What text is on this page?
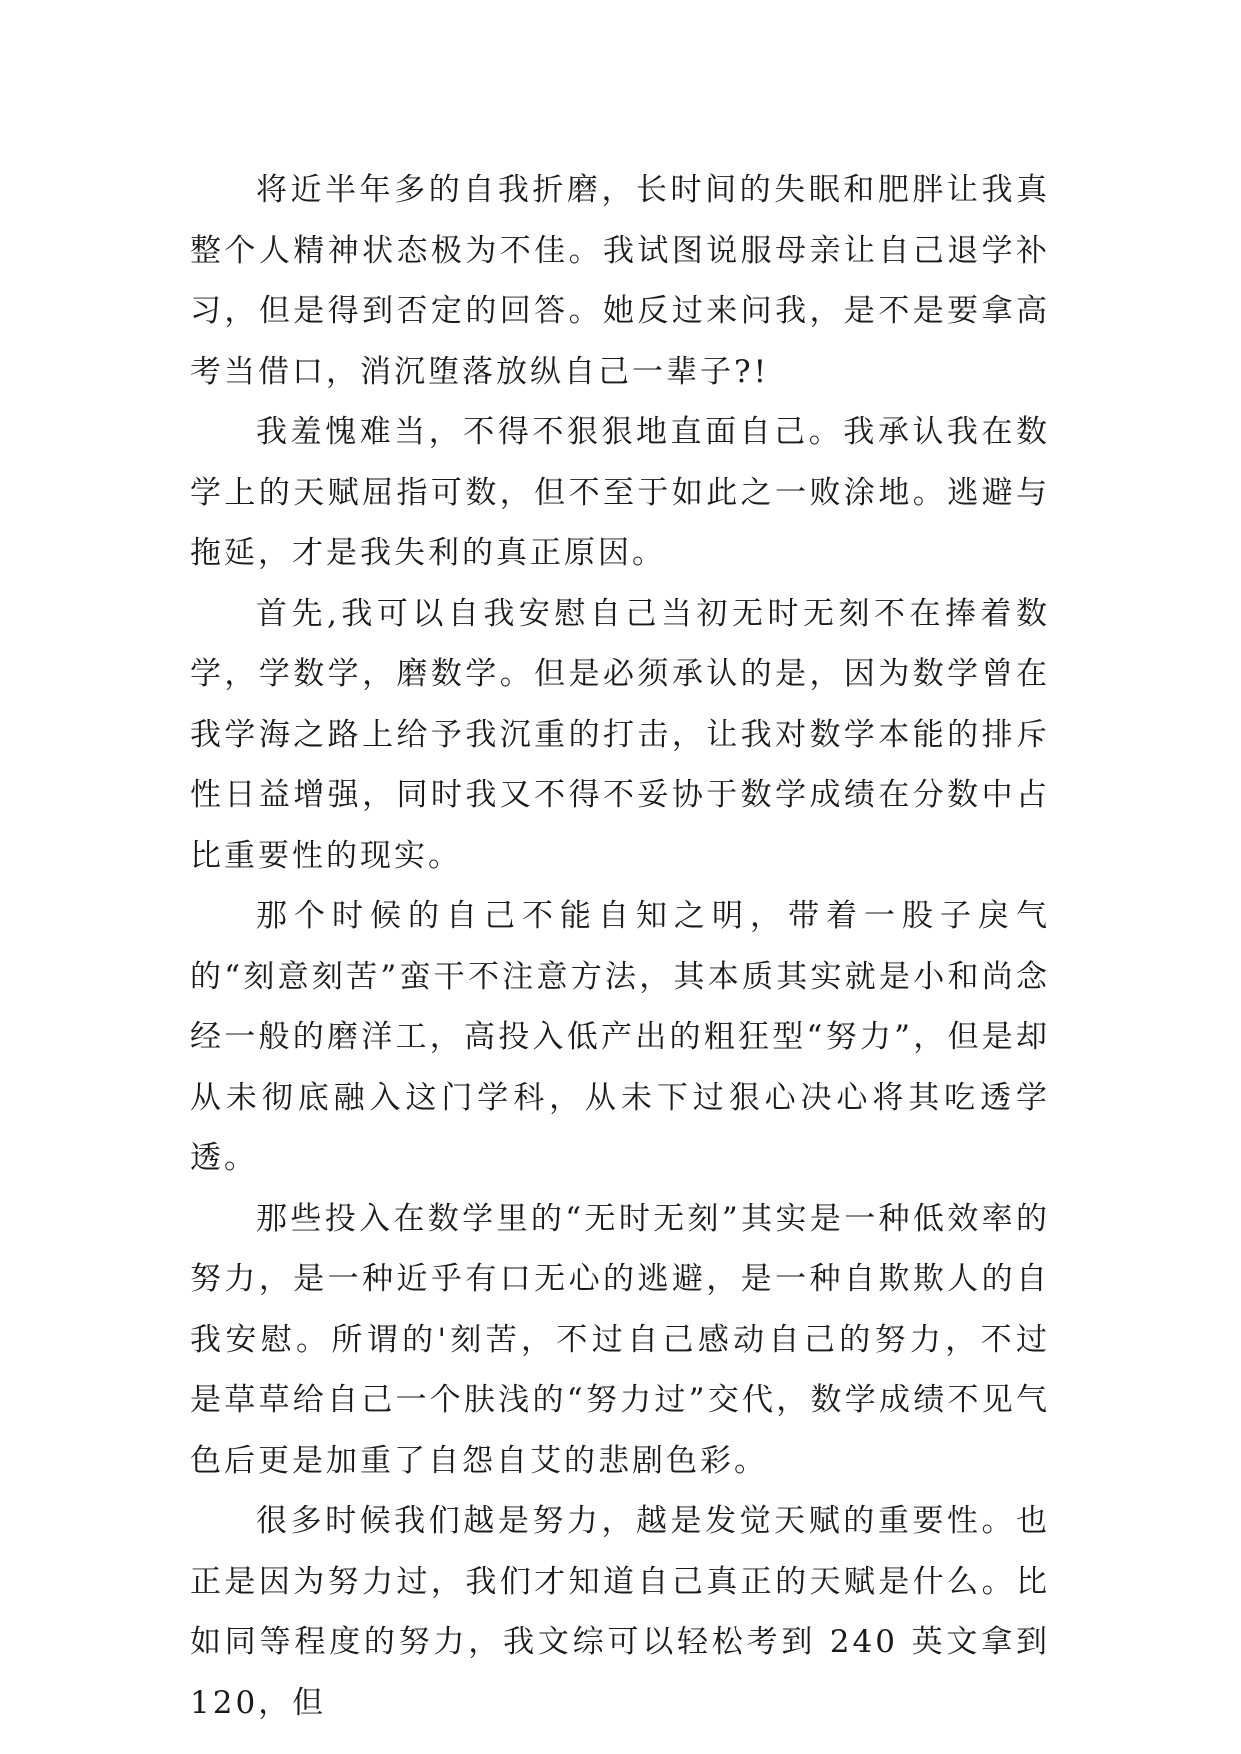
将近半年多的自我折磨，长时间的失眠和肥胖让我真整个人精神状态极为不佳。我试图说服母亲让自己退学补习，但是得到否定的回答。她反过来问我，是不是要拿高考当借口，消沉堕落放纵自己一辈子?!

我羞愧难当，不得不狠狠地直面自己。我承认我在数学上的天赋屈指可数，但不至于如此之一败涂地。逃避与拖延，才是我失利的真正原因。

首先,我可以自我安慰自己当初无时无刻不在捧着数学，学数学，磨数学。但是必须承认的是，因为数学曾在我学海之路上给予我沉重的打击，让我对数学本能的排斥性日益增强，同时我又不得不妥协于数学成绩在分数中占比重要性的现实。

那个时候的自己不能自知之明，带着一股子戾气的“刻意刻苦”蛮干不注意方法，其本质其实就是小和尚念经一般的磨洋工，高投入低产出的粗狂型“努力”，但是却从未彻底融入这门学科，从未下过狠心决心将其吃透学透。

那些投入在数学里的“无时无刻”其实是一种低效率的努力，是一种近乎有口无心的逃避，是一种自欺欺人的自我安慰。所谓的'刻苦，不过自己感动自己的努力，不过是草草给自己一个肤浅的“努力过”交代，数学成绩不见气色后更是加重了自怨自艾的悲剧色彩。

很多时候我们越是努力，越是发觉天赋的重要性。也正是因为努力过，我们才知道自己真正的天赋是什么。比如同等程度的努力，我文综可以轻松考到 240 英文拿到 120，但
